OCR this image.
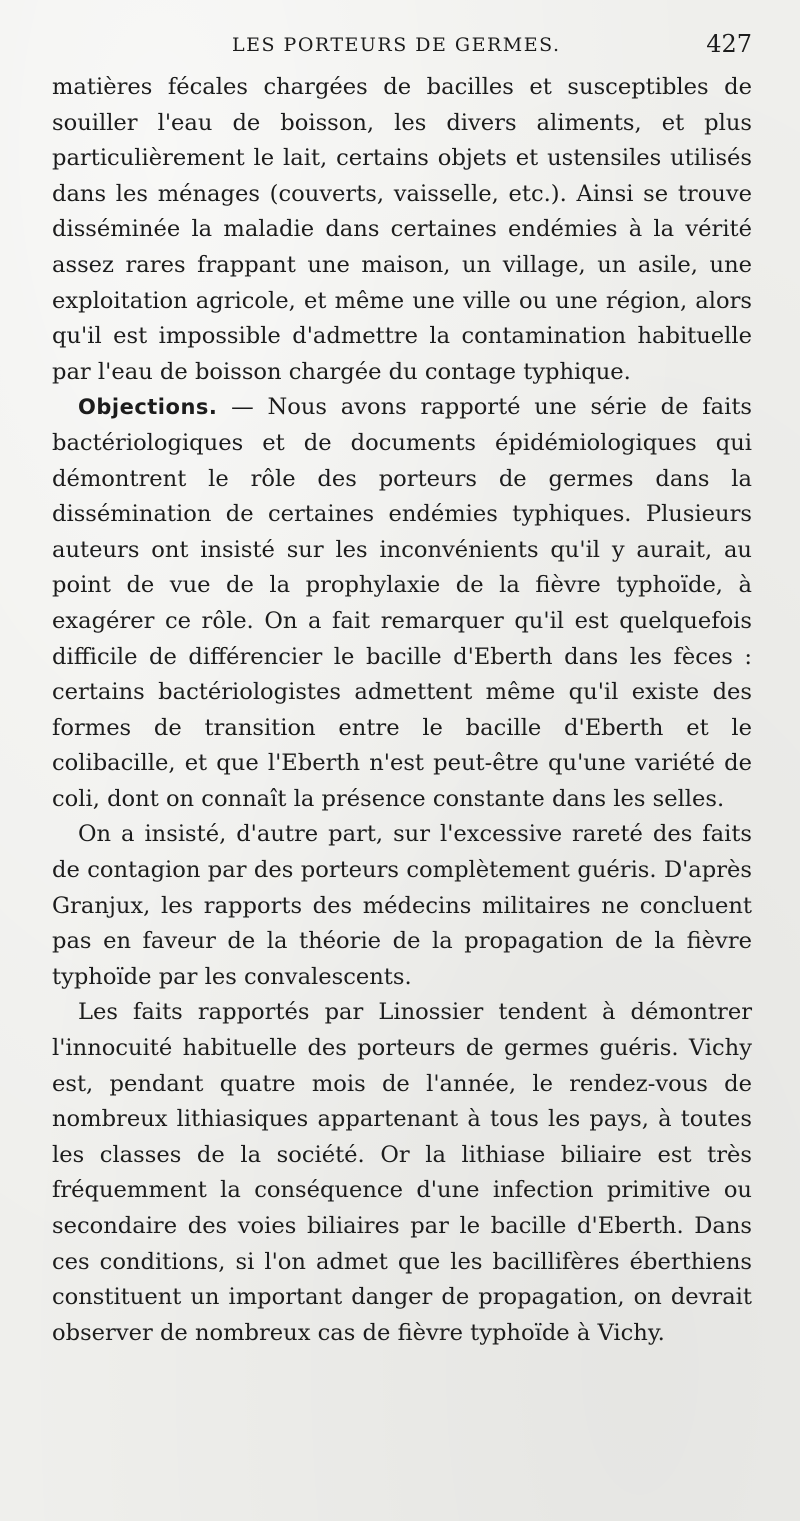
LES PORTEURS DE GERMES.	427

matières fécales chargées de bacilles et susceptibles de souiller l'eau de boisson, les divers aliments, et plus particulièrement le lait, certains objets et ustensiles utilisés dans les ménages (couverts, vaisselle, etc.). Ainsi se trouve disséminée la maladie dans certaines endémies à la vérité assez rares frappant une maison, un village, un asile, une exploitation agricole, et même une ville ou une région, alors qu'il est impossible d'admettre la contamination habituelle par l'eau de boisson chargée du contage typhique.

Objections. — Nous avons rapporté une série de faits bactériologiques et de documents épidémiologiques qui démontrent le rôle des porteurs de germes dans la dissémination de certaines endémies typhiques. Plusieurs auteurs ont insisté sur les inconvénients qu'il y aurait, au point de vue de la prophylaxie de la fièvre typhoïde, à exagérer ce rôle. On a fait remarquer qu'il est quelquefois difficile de différencier le bacille d'Eberth dans les fèces : certains bactériologistes admettent même qu'il existe des formes de transition entre le bacille d'Eberth et le colibacille, et que l'Eberth n'est peut-être qu'une variété de coli, dont on connaît la présence constante dans les selles.

On a insisté, d'autre part, sur l'excessive rareté des faits de contagion par des porteurs complètement guéris. D'après Granjux, les rapports des médecins militaires ne concluent pas en faveur de la théorie de la propagation de la fièvre typhoïde par les convalescents.

Les faits rapportés par Linossier tendent à démontrer l'innocuité habituelle des porteurs de germes guéris. Vichy est, pendant quatre mois de l'année, le rendez-vous de nombreux lithiasiques appartenant à tous les pays, à toutes les classes de la société. Or la lithiase biliaire est très fréquemment la conséquence d'une infection primitive ou secondaire des voies biliaires par le bacille d'Eberth. Dans ces conditions, si l'on admet que les bacillifères éberthiens constituent un important danger de propagation, on devrait observer de nombreux cas de fièvre typhoïde à Vichy.
